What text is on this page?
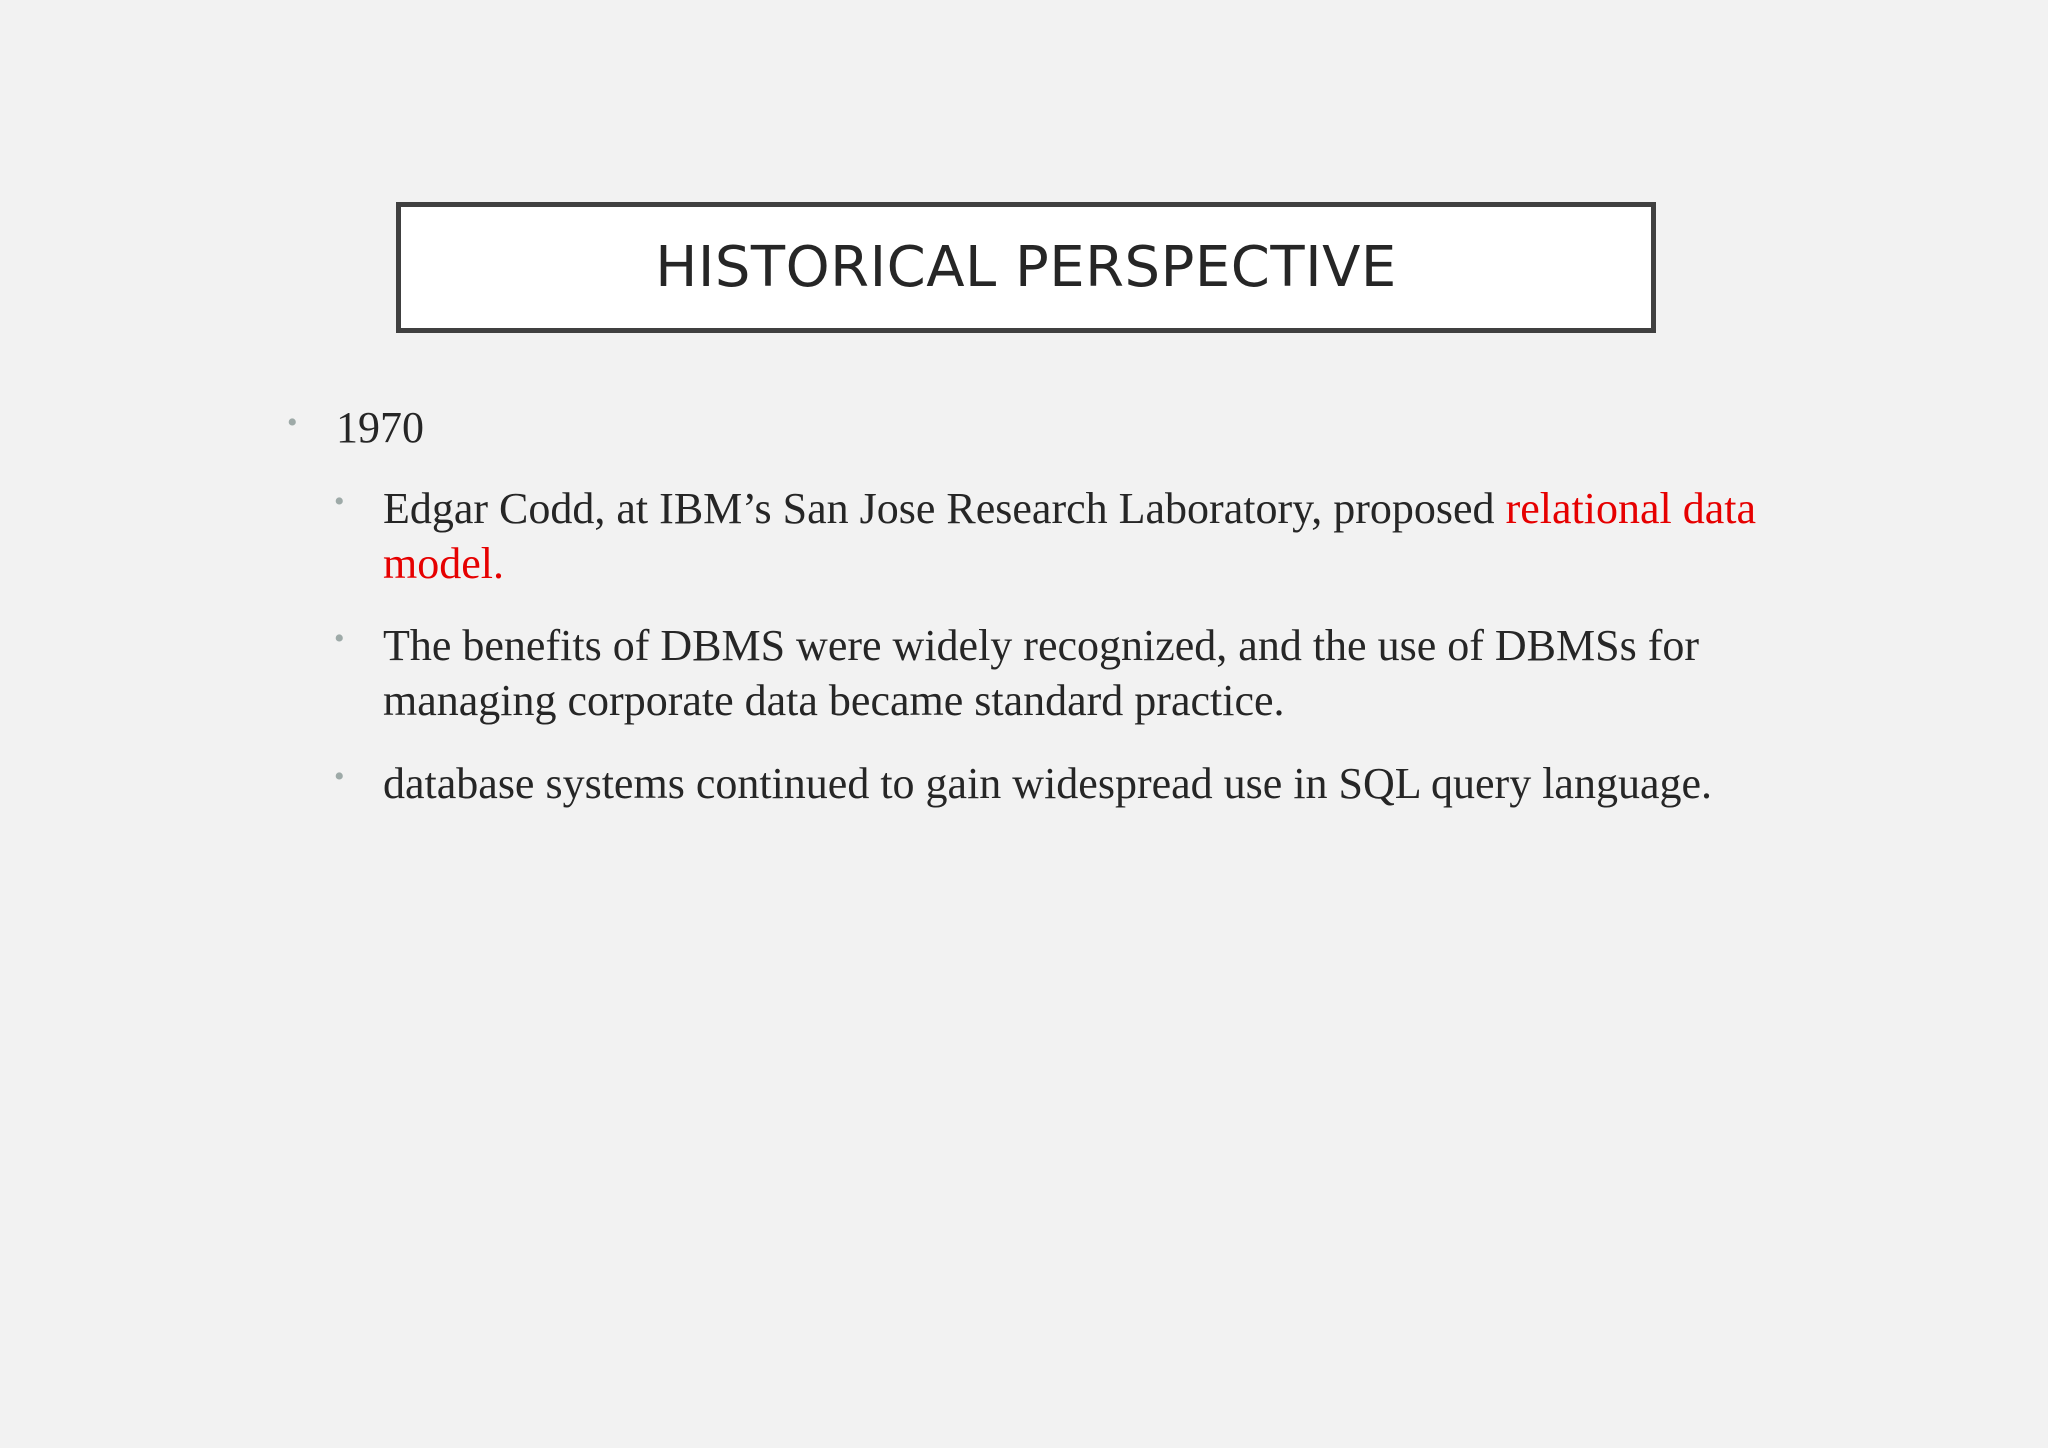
HISTORICAL PERSPECTIVE
• 1970
• Edgar Codd, at IBM’s San Jose Research Laboratory, proposed relational data model.
• The benefits of DBMS were widely recognized, and the use of DBMSs for managing corporate data became standard practice.
• database systems continued to gain widespread use in SQL query language.
